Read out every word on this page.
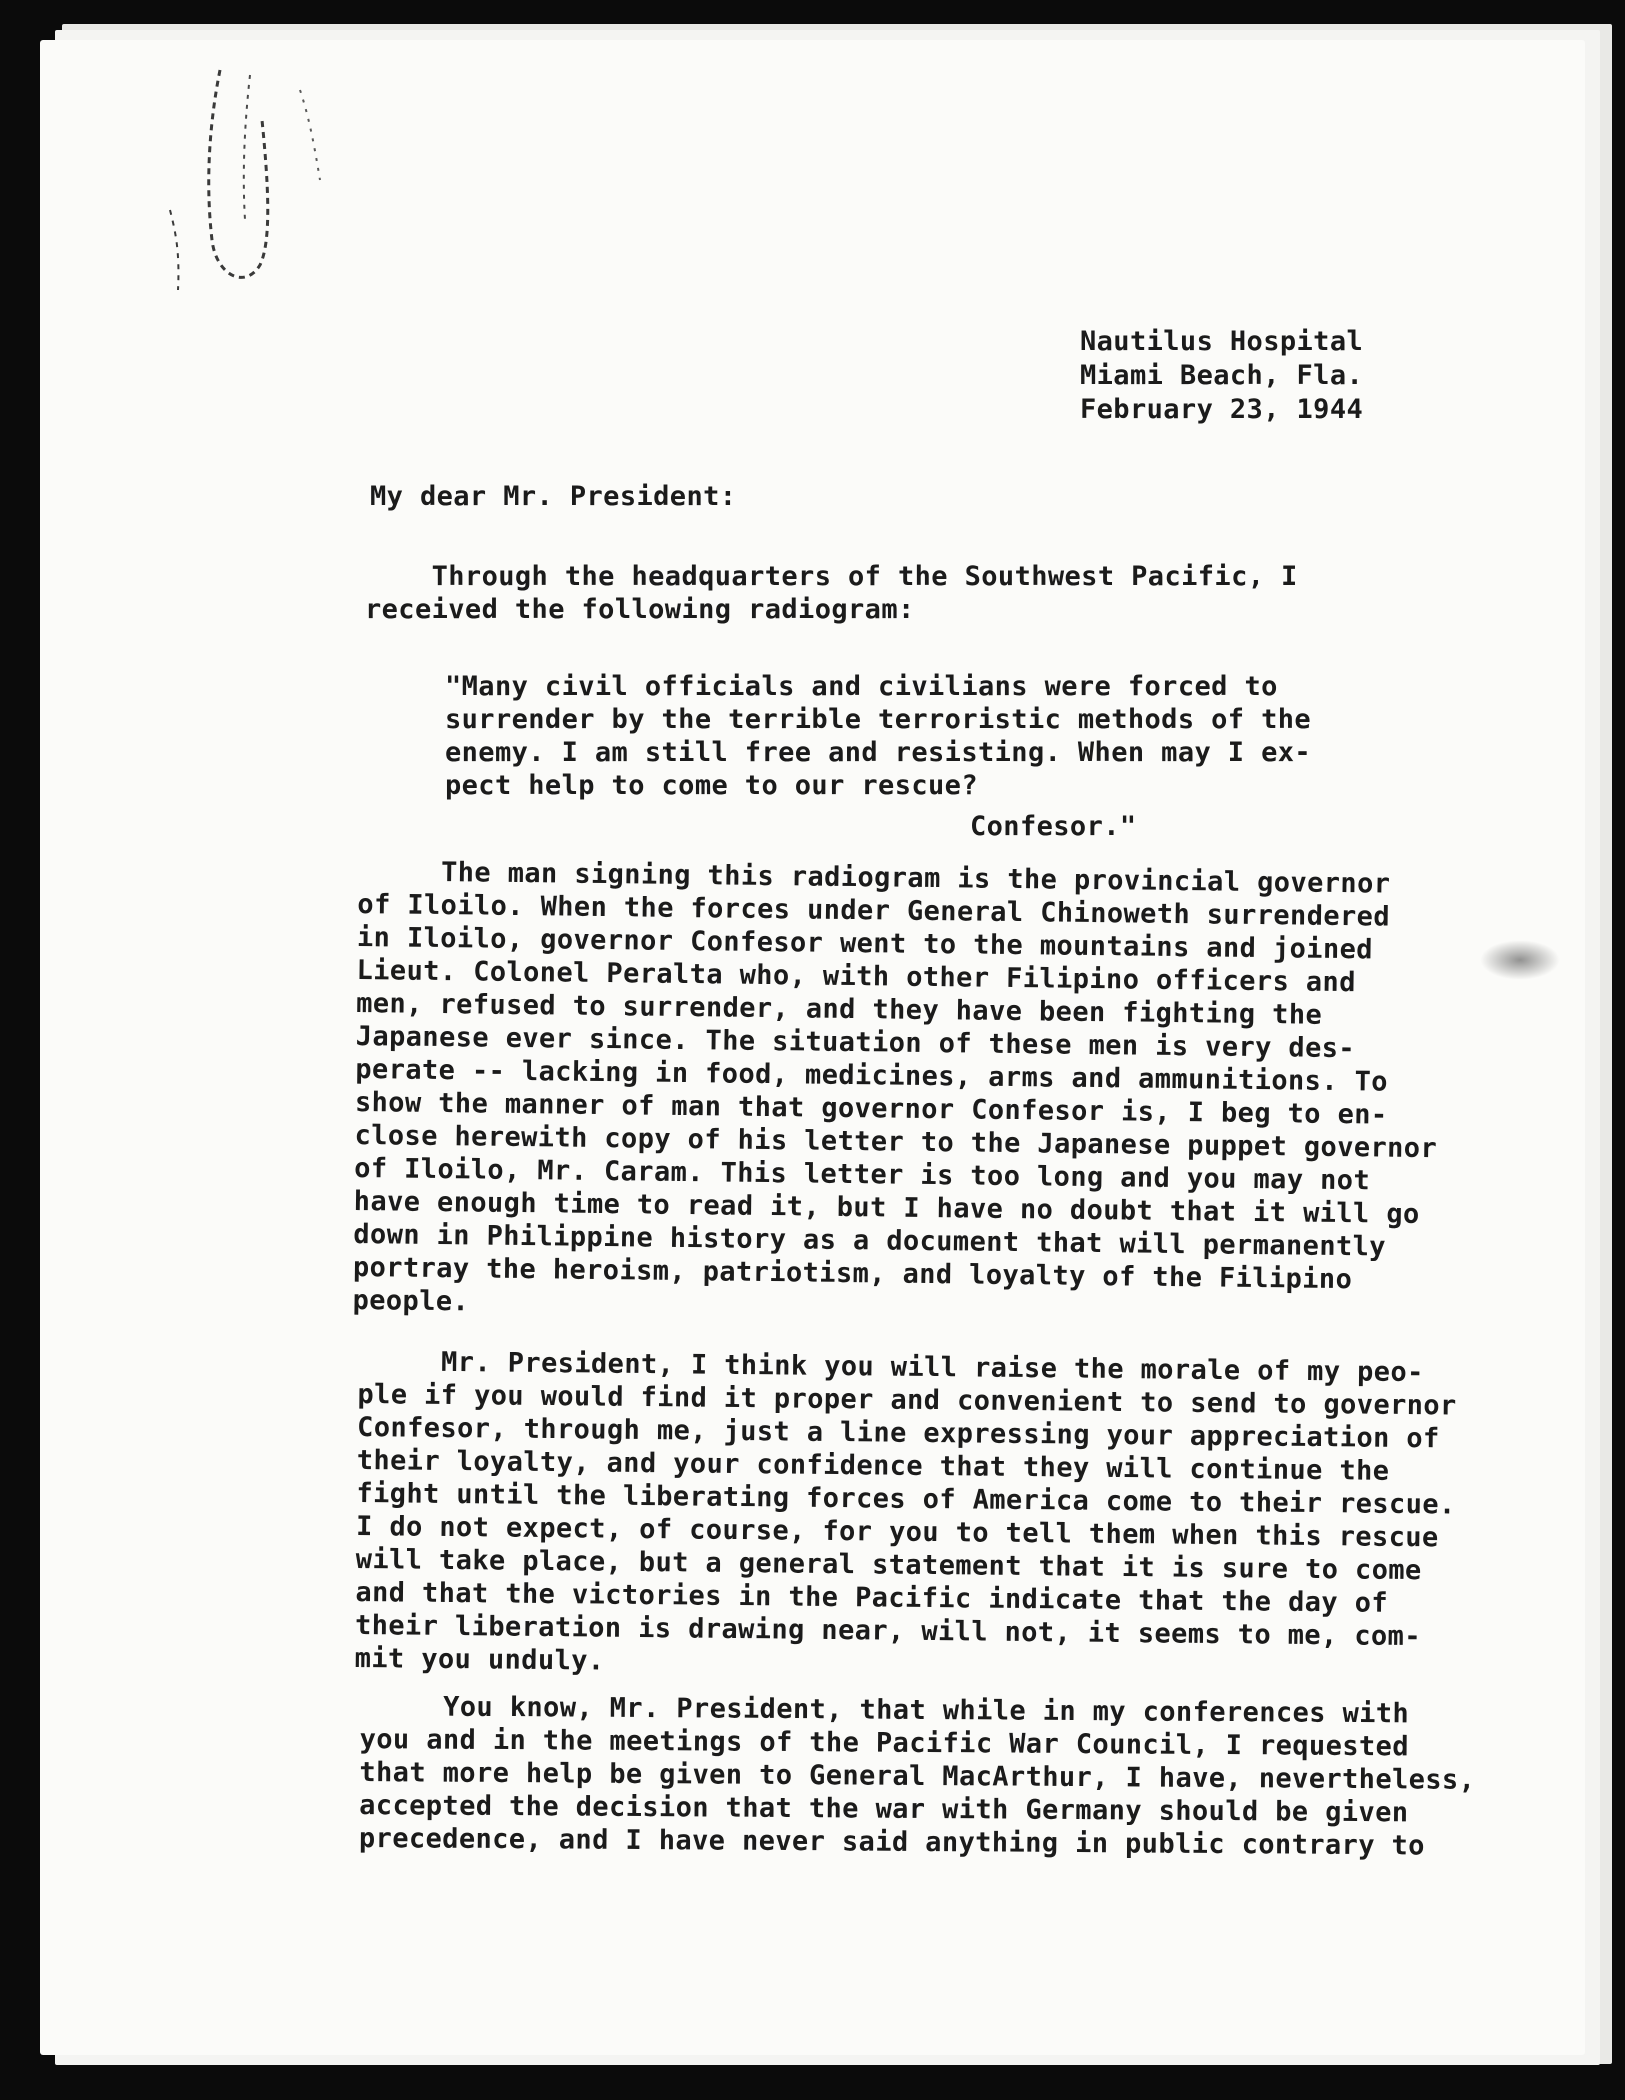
Nautilus Hospital
Miami Beach, Fla.
February 23, 1944
My dear Mr. President:
Through the headquarters of the Southwest Pacific, I
received the following radiogram:
"Many civil officials and civilians were forced to
surrender by the terrible terroristic methods of the
enemy. I am still free and resisting. When may I ex-
pect help to come to our rescue?
Confesor."
The man signing this radiogram is the provincial governor
of Iloilo. When the forces under General Chinoweth surrendered
in Iloilo, governor Confesor went to the mountains and joined
Lieut. Colonel Peralta who, with other Filipino officers and
men, refused to surrender, and they have been fighting the
Japanese ever since. The situation of these men is very des-
perate -- lacking in food, medicines, arms and ammunitions. To
show the manner of man that governor Confesor is, I beg to en-
close herewith copy of his letter to the Japanese puppet governor
of Iloilo, Mr. Caram. This letter is too long and you may not
have enough time to read it, but I have no doubt that it will go
down in Philippine history as a document that will permanently
portray the heroism, patriotism, and loyalty of the Filipino
people.
Mr. President, I think you will raise the morale of my peo-
ple if you would find it proper and convenient to send to governor
Confesor, through me, just a line expressing your appreciation of
their loyalty, and your confidence that they will continue the
fight until the liberating forces of America come to their rescue.
I do not expect, of course, for you to tell them when this rescue
will take place, but a general statement that it is sure to come
and that the victories in the Pacific indicate that the day of
their liberation is drawing near, will not, it seems to me, com-
mit you unduly.
You know, Mr. President, that while in my conferences with
you and in the meetings of the Pacific War Council, I requested
that more help be given to General MacArthur, I have, nevertheless,
accepted the decision that the war with Germany should be given
precedence, and I have never said anything in public contrary to
